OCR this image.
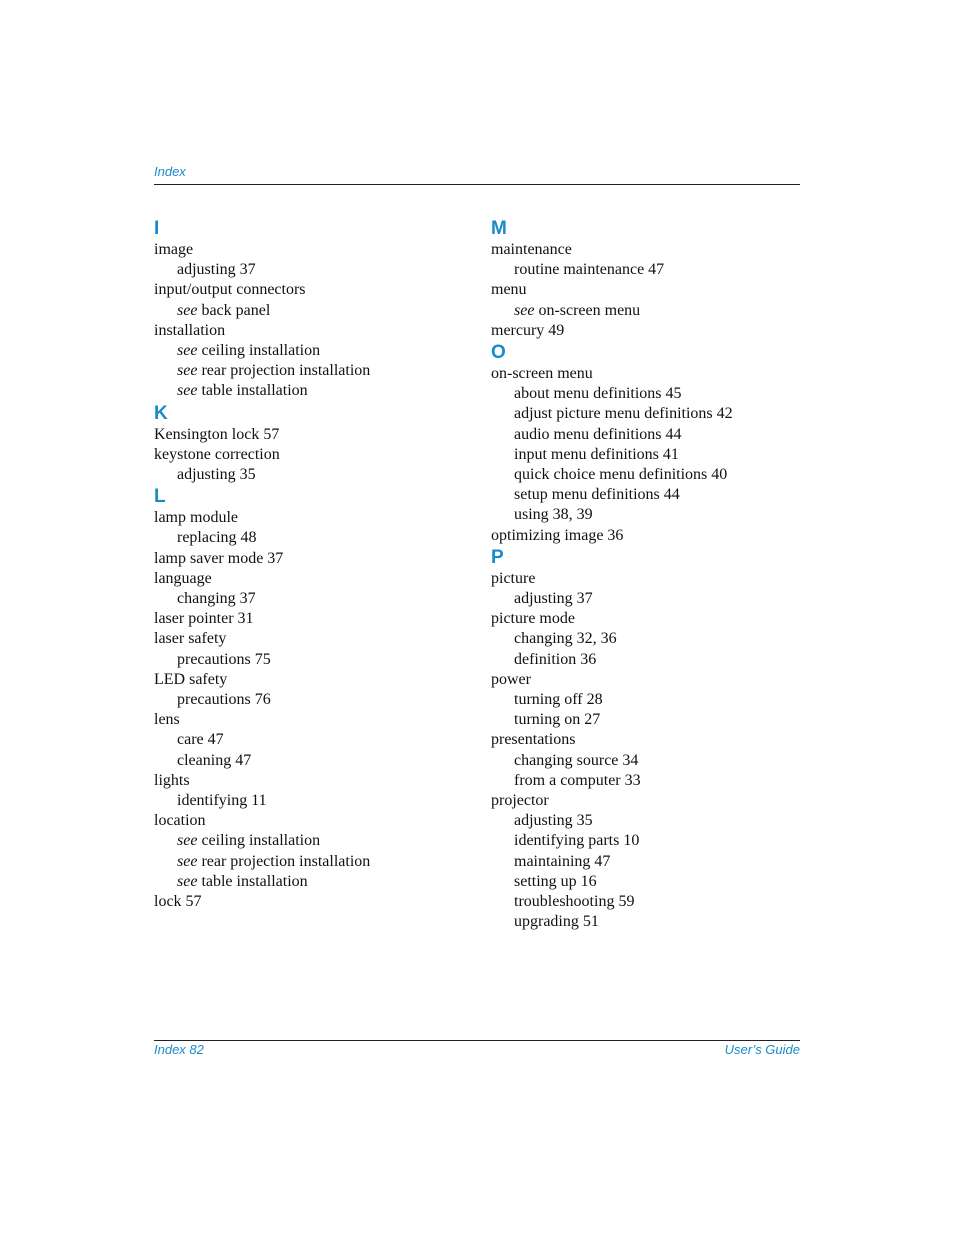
Index
I
image
adjusting 37
input/output connectors
see back panel
installation
see ceiling installation
see rear projection installation
see table installation
K
Kensington lock 57
keystone correction
adjusting 35
L
lamp module
replacing 48
lamp saver mode 37
language
changing 37
laser pointer 31
laser safety
precautions 75
LED safety
precautions 76
lens
care 47
cleaning 47
lights
identifying 11
location
see ceiling installation
see rear projection installation
see table installation
lock 57
M
maintenance
routine maintenance 47
menu
see on-screen menu
mercury 49
O
on-screen menu
about menu definitions 45
adjust picture menu definitions 42
audio menu definitions 44
input menu definitions 41
quick choice menu definitions 40
setup menu definitions 44
using 38, 39
optimizing image 36
P
picture
adjusting 37
picture mode
changing 32, 36
definition 36
power
turning off 28
turning on 27
presentations
changing source 34
from a computer 33
projector
adjusting 35
identifying parts 10
maintaining 47
setting up 16
troubleshooting 59
upgrading 51
Index 82	User’s Guide
